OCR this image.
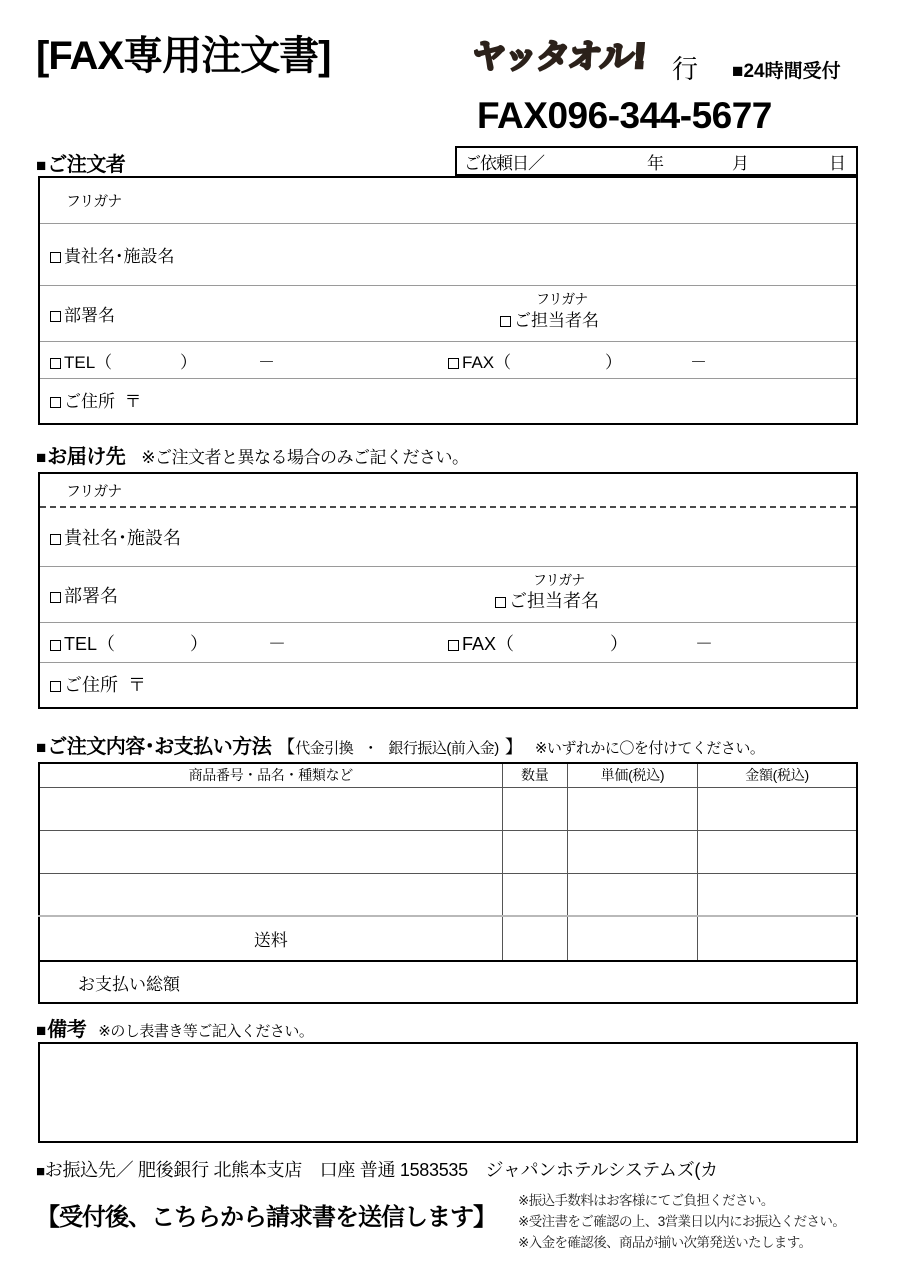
[FAX専用注文書]	ヤッタオル! 行 ■24時間受付
FAX096-344-5677
■ ご注文者	ご依頼日／	年	月	日
フリガナ
貴社名･施設名
部署名
フリガナ
ご担当者名
TEL（	）	－	FAX（	）	－
ご住所 〒
■ お届け先 ※ご注文者と異なる場合のみご記ください。
フリガナ
貴社名･施設名
部署名
フリガナ
ご担当者名
TEL（	）	－	FAX（	）	－
ご住所 〒
■ ご注文内容･お支払い方法 【 代金引換 ・ 銀行振込(前入金) 】 ※いずれかに〇を付けてください。
商品番号・品名・種類など	数量	単価(税込)	金額(税込)

送料			
お支払い総額			
■ 備考 ※のし表書き等ご記入ください。
■お振込先／ 肥後銀行 北熊本支店　口座 普通 1583535　ジャパンホテルシステムズ(カ
【受付後、こちらから請求書を送信します】
※振込手数料はお客様にてご負担ください。
※受注書をご確認の上、3営業日以内にお振込ください。
※入金を確認後、商品が揃い次第発送いたします。
